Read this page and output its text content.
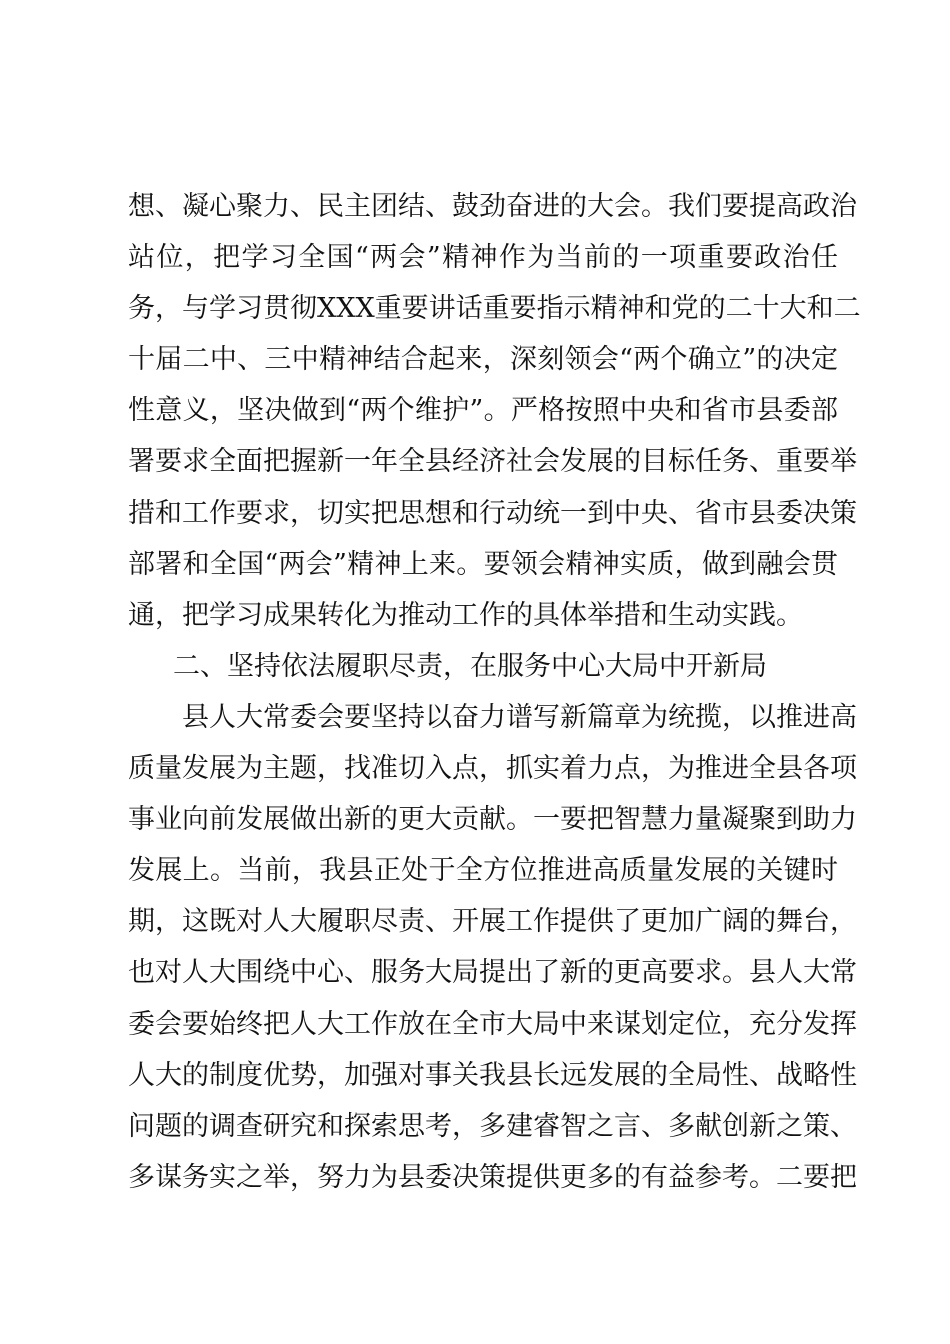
想、凝心聚力、民主团结、鼓劲奋进的大会。我们要提高政治
站位，把学习全国“两会”精神作为当前的一项重要政治任
务，与学习贯彻XXX重要讲话重要指示精神和党的二十大和二
十届二中、三中精神结合起来，深刻领会“两个确立”的决定
性意义，坚决做到“两个维护”。严格按照中央和省市县委部
署要求全面把握新一年全县经济社会发展的目标任务、重要举
措和工作要求，切实把思想和行动统一到中央、省市县委决策
部署和全国“两会”精神上来。要领会精神实质，做到融会贯
通，把学习成果转化为推动工作的具体举措和生动实践。
二、坚持依法履职尽责，在服务中心大局中开新局
县人大常委会要坚持以奋力谱写新篇章为统揽，以推进高
质量发展为主题，找准切入点，抓实着力点，为推进全县各项
事业向前发展做出新的更大贡献。一要把智慧力量凝聚到助力
发展上。当前，我县正处于全方位推进高质量发展的关键时
期，这既对人大履职尽责、开展工作提供了更加广阔的舞台，
也对人大围绕中心、服务大局提出了新的更高要求。县人大常
委会要始终把人大工作放在全市大局中来谋划定位，充分发挥
人大的制度优势，加强对事关我县长远发展的全局性、战略性
问题的调查研究和探索思考，多建睿智之言、多献创新之策、
多谋务实之举，努力为县委决策提供更多的有益参考。二要把
